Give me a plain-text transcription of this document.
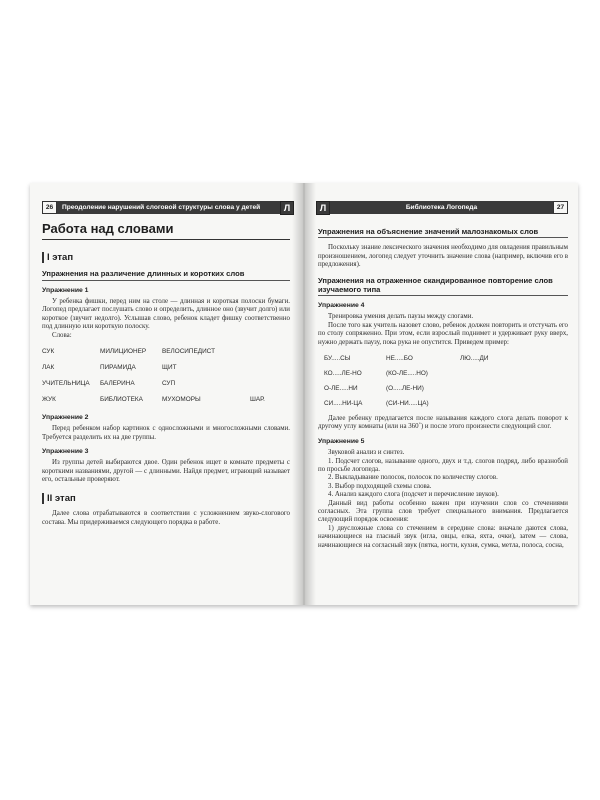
26	Преодоление нарушений слоговой структуры слова у детей	Л
Работа над словами
I этап
Упражнения на различение длинных и коротких слов
Упражнение 1

У ребенка фишки, перед ним на столе — длинная и короткая полоски бумаги. Логопед предлагает послушать слово и определить, длинное оно (звучит долго) или короткое (звучит недолго). Услышав слово, ребенок кладет фишку соответственно под длинную или короткую полоску.

Слова:

СУК	МИЛИЦИОНЕР	ВЕЛОСИПЕДИСТ
ЛАК	ПИРАМИДА	ЩИТ
УЧИТЕЛЬНИЦА	БАЛЕРИНА	СУП
ЖУК	БИБЛИОТЕКА	МУХОМОРЫ	ШАР.
Упражнение 2

Перед ребенком набор картинок с односложными и многосложными словами. Требуется разделить их на две группы.

Упражнение 3

Из группы детей выбираются двое. Один ребенок ищет в комнате предметы с короткими названиями, другой — с длинными. Найдя предмет, играющий называет его, остальные проверяют.

II этап

Далее слова отрабатываются в соответствии с усложнением звуко-слогового состава. Мы придерживаемся следующего порядка в работе.

Л	Библиотека Логопеда	27
Упражнения на объяснение значений малознакомых слов

Поскольку знание лексического значения необходимо для овладения правильным произношением, логопед следует уточнить значение слова (например, включив его в предложения).

Упражнения на отраженное скандированное повторение слов изучаемого типа
Упражнение 4

Тренировка умения делать паузы между слогами.

После того как учитель назовет слово, ребенок должен повторить и отстучать его по столу сопряженно. При этом, если взрослый поднимет и удерживает руку вверх, нужно держать паузу, пока рука не опустится. Приведем пример:

БУ.....СЫ	НЕ.....БО	ЛЮ.....ДИ
КО.....ЛЕ-НО	(КО-ЛЕ.....НО)
О-ЛЕ.....НИ	(О.....ЛЕ-НИ)
СИ.....НИ-ЦА	(СИ-НИ.....ЦА)

Далее ребенку предлагается после называния каждого слога делать поворот к другому углу комнаты (или на 360˚) и после этого произнести следующий слог.

Упражнение 5

Звуковой анализ и синтез.

1. Подсчет слогов, называние одного, двух и т.д. слогов подряд, либо вразнобой по просьбе логопеда.

2. Выкладывание полосок, полосок по количеству слогов.

3. Выбор подходящей схемы слова.

4. Анализ каждого слога (подсчет и перечисление звуков).

Данный вид работы особенно важен при изучении слов со стечениями согласных. Эта группа слов требует специального внимания. Предлагается следующий порядок освоения:

1) двусложные слова со стечением в середине слова: вначале даются слова, начинающиеся на гласный звук (игла, овцы, елка, яхта, очки), затем — слова, начинающиеся на согласный звук (пятка, ногти, кухня, сумка, метла, полоса, сосна,
